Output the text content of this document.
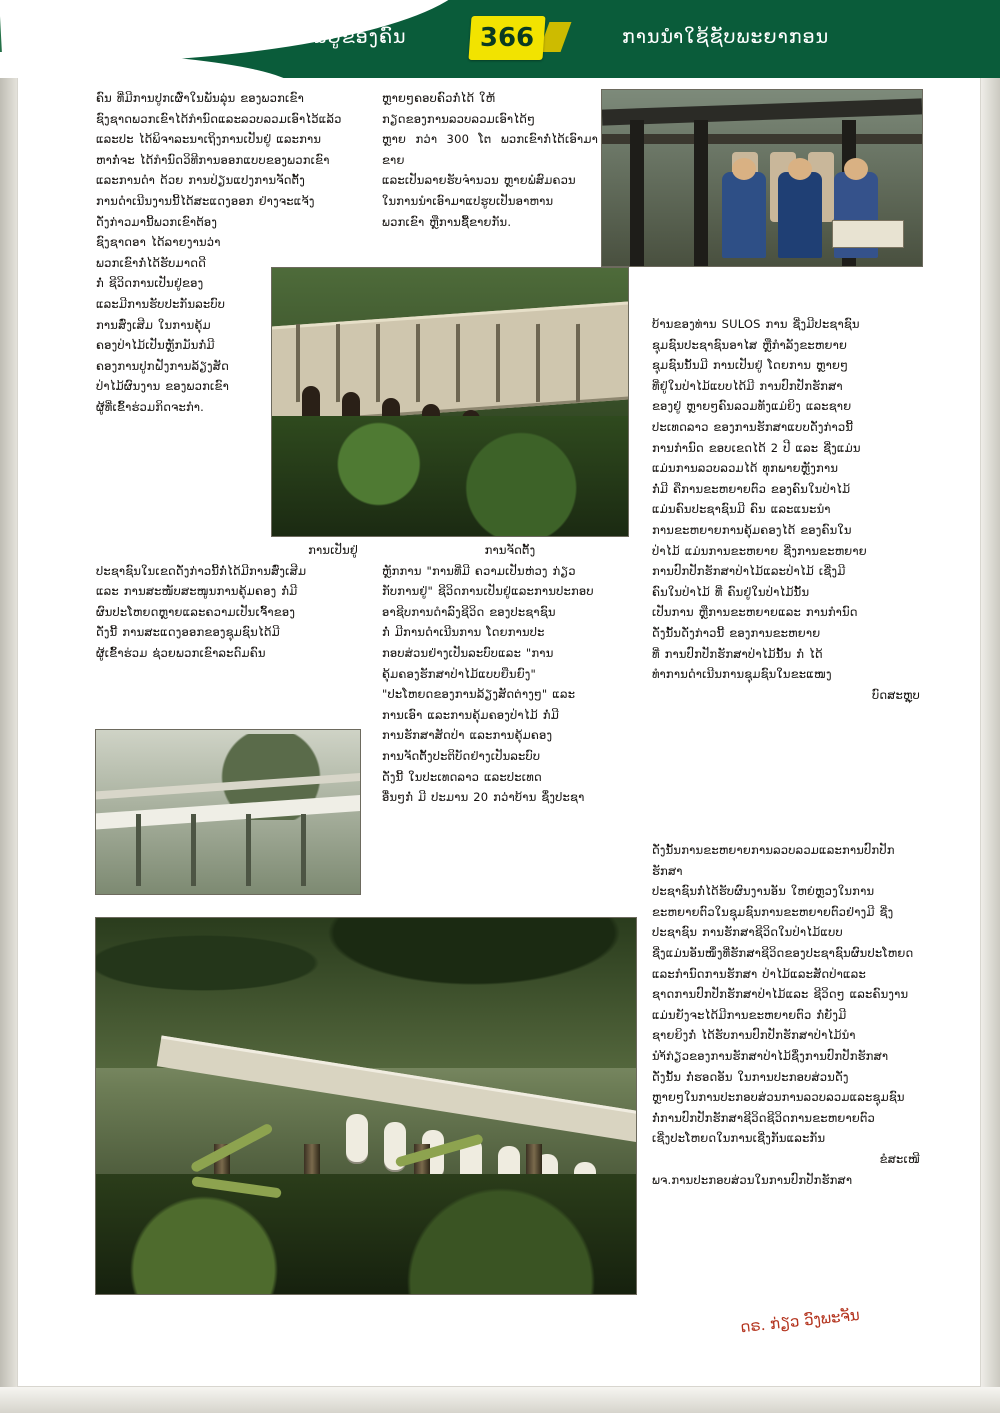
ຊີວິດການເປັນຢູ່ຂອງຄົນ	366	ການນຳໃຊ້ຊັບພະຍາກອນ

ຄົນ ທີ່ມີການປູກເຜົ່າໃນພັນລຸ່ນ ຂອງພວກເຂົາ

ຊົງຊາດພວກເຂົາໄດ້ກຳນົດແລະລວບລວມເອົາໄວ້ແລ້ວ

ແລະປະ ໄດ້ພິຈາລະນາເຖິງການເປັນຢູ່ ແລະການ

ຫາກໍ່ຈະ ໄດ້ກຳນົດວິທີການອອກແບບຂອງພວກເຂົາ

ແລະການດຳ ດ້ວຍ ການປ່ຽນແປງການຈັດຕັ້ງ

ການດຳເນີນງານນີ້ໄດ້ສະແດງອອກ ຢ່າງຈະແຈ້ງ

ດັ່ງກ່າວມານີ້ພວກເຂົາຕ້ອງ

ຊົງຊາດອາ ໄດ້ລາຍງານວ່າ

ພວກເຂົາກໍ່ໄດ້ຮັບມາດດີ

ກໍ່ ຊີວິດການເປັນຢູ່ຂອງ

ແລະມີການຮັບປະກັນລະບົບ

ການສົ່ງເສີມ ໃນການຄຸ້ມ

ຄອງປ່າໄມ້ເປັນຫຼັກມັນກໍ່ມີ

ຄອງການປູກຝັງການລ້ຽງສັດ

ປ່າໄມ້ຜົນງານ ຂອງພວກເຂົາ

ຜູ້ທີ່ເຂົ້າຮ່ວມກິດຈະກຳ.

ຫຼາຍໆຄອບຄົວກໍ່ໄດ້ ໃຫ້

ກຽດຂອງການລວບລວມເອົາໄດ້ໆ

ຫຼາຍ ກວ່າ 300 ໂຕ ພວກເຂົາກໍ່ໄດ້ເອົາມາຂາຍ

ແລະເປັນລາຍຮັບຈຳນວນ ຫຼາຍພໍສົມຄວນ

ໃນການນຳເອົາມາແປຮູບເປັນອາຫານ

ພວກເຂົາ ຫຼືການຊື້ຂາຍກັນ.

ການເປັນຢູ່

ປະຊາຊົນໃນເຂດດັ່ງກ່າວນີ້ກໍ່ໄດ້ມີການສົ່ງເສີມ

ແລະ ການສະໜັບສະໜູນການຄຸ້ມຄອງ ກໍ່ມີ

ຜົນປະໂຫຍດຫຼາຍແລະຄວາມເປັນເຈົ້າຂອງ

ດັ່ງນີ້ ການສະແດງອອກຂອງຊຸມຊົນໄດ້ມີ

ຜູ້ເຂົ້າຮ່ວມ ຊ່ວຍພວກເຂົາລະດົມຄົນ

ການຈັດຕັ້ງ

ຫຼັກການ "ການທີ່ມີ ຄວາມເປັນຫ່ວງ ກ່ຽວ

ກັບການຢູ່" ຊີວິດການເປັນຢູ່ແລະການປະກອບ

ອາຊີບການດຳລົງຊີວິດ ຂອງປະຊາຊົນ

ກໍ່ ມີການດຳເນີນການ ໂດຍການປະ

ກອບສ່ວນຢ່າງເປັນລະບົບແລະ "ການ

ຄຸ້ມຄອງຮັກສາປ່າໄມ້ແບບຍືນຍົງ"

"ປະໂຫຍດຂອງການລ້ຽງສັດຕ່າງໆ" ແລະ

ການເອົາ ແລະການຄຸ້ມຄອງປ່າໄມ້ ກໍ່ມີ

ການຮັກສາສັດປ່າ ແລະການຄຸ້ມຄອງ

ການຈັດຕັ້ງປະຕິບັດຢ່າງເປັນລະບົບ

ດັ່ງນີ້ ໃນປະເທດລາວ ແລະປະເທດ

ອື່ນໆກໍ່ ມີ ປະມານ 20 ກວ່າບ້ານ ຊຶ່ງປະຊາ

ບ້ານຂອງທ່ານ SULOS ການ ຊີ່ງມີປະຊາຊົນ

ຊຸມຊົນປະຊາຊົນອາໄສ ຫຼືກຳລັງຂະຫຍາຍ

ຊຸມຊົນນັ້ນມີ ການເປັນຢູ່ ໂດຍການ ຫຼາຍໆ

ທີ່ຢູ່ໃນປ່າໄມ້ແບບໄດ້ມີ ການປົກປັກຮັກສາ

ຂອງຢູ່ ຫຼາຍໆຄົນລວມທັງແມ່ຍິງ ແລະຊາຍ

ປະເທດລາວ ຂອງການຮັກສາແບບດັ່ງກ່າວນີ້

ການກຳນົດ ຂອບເຂດໄດ້ 2 ປີ ແລະ ຊີ່ງແມ່ນ

ແມ່ນການລວບລວມໄດ້ ທຸກພາຍຫຼັງການ

ກໍ່ມີ ຄືການຂະຫຍາຍຕົວ ຂອງຄົນໃນປ່າໄມ້

ແມ່ນຄົນປະຊາຊົນມີ ຄົນ ແລະແນະນຳ

ການຂະຫຍາຍການຄຸ້ມຄອງໄດ້ ຂອງຄົນໃນ

ປ່າໄມ້ ແມ່ນການຂະຫຍາຍ ຊີ່ງການຂະຫຍາຍ

ການປົກປັກຮັກສາປ່າໄມ້ແລະປ່າໄມ້ ເຊີ່ງມີ

ຄົນໃນປ່າໄມ້ ທີ່ ຄົນຢູ່ໃນປ່າໄມ້ນັ້ນ

ເປັນການ ຫຼືການຂະຫຍາຍແລະ ການກຳນົດ

ດັ່ງນັ້ນດັ່ງກ່າວນີ້ ຂອງການຂະຫຍາຍ

ທີ່ ການປົກປັກຮັກສາປ່າໄມ້ນັ້ນ ກໍ່ ໄດ້

ທຳການດຳເນີນການຊຸມຊົນໃນຂະແໜງ

ບົດສະຫຼຸບ

ດັ່ງນັ້ນການຂະຫຍາຍການລວບລວມແລະການປົກປັກຮັກສາ

ປະຊາຊົນກໍ່ໄດ້ຮັບຜົນງານອັນ ໃຫຍ່ຫຼວງໃນການ

ຂະຫຍາຍຕົວໃນຊຸມຊົນການຂະຫຍາຍຕົວຢ່າງມີ ຊີ່ງ

ປະຊາຊົນ ການຮັກສາຊີວິດໃນປ່າໄມ້ແບບ

ຊີ່ງແມ່ນອັນໜຶ່ງທີ່ຮັກສາຊີວິດຂອງປະຊາຊົນຜົນປະໂຫຍດ

ແລະກຳນົດການຮັກສາ ປ່າໄມ້ແລະສັດປ່າແລະ

ຊາດການປົກປັກຮັກສາປ່າໄມ້ແລະ ຊີວິດໆ ແລະຄົນງານ

ແມ່ນຍັງຈະໄດ້ມີການຂະຫຍາຍຕົວ ກໍ່ຍັງມີ

ຊາຍຍິງກໍ່ ໄດ້ຮັບການປົກປັກຮັກສາປ່າໄມ້ນຳ

ນຳ້ກ່ຽວຂອງການຮັກສາປ່າໄມ້ຊຶ່ງການປົກປັກຮັກສາ

ດັ່ງນັ້ນ ກໍ່ຮອດອັນ ໃນການປະກອບສ່ວນດັ່ງ

ຫຼາຍໆໃນການປະກອບສ່ວນການລວບລວມແລະຊຸມຊົນ

ກໍ່ການປົກປັກຮັກສາຊີວິດຊີວິດການຂະຫຍາຍຕົວ

ເຊີ່ງປະໂຫຍດໃນການເຊີ່ງກັນແລະກັນ

ຂໍສະເໜີ

ພຈ.ການປະກອບສ່ວນໃນການປົກປັກຮັກສາ

ດຣ. ກ່ຽວ ວົງພະຈັນ
